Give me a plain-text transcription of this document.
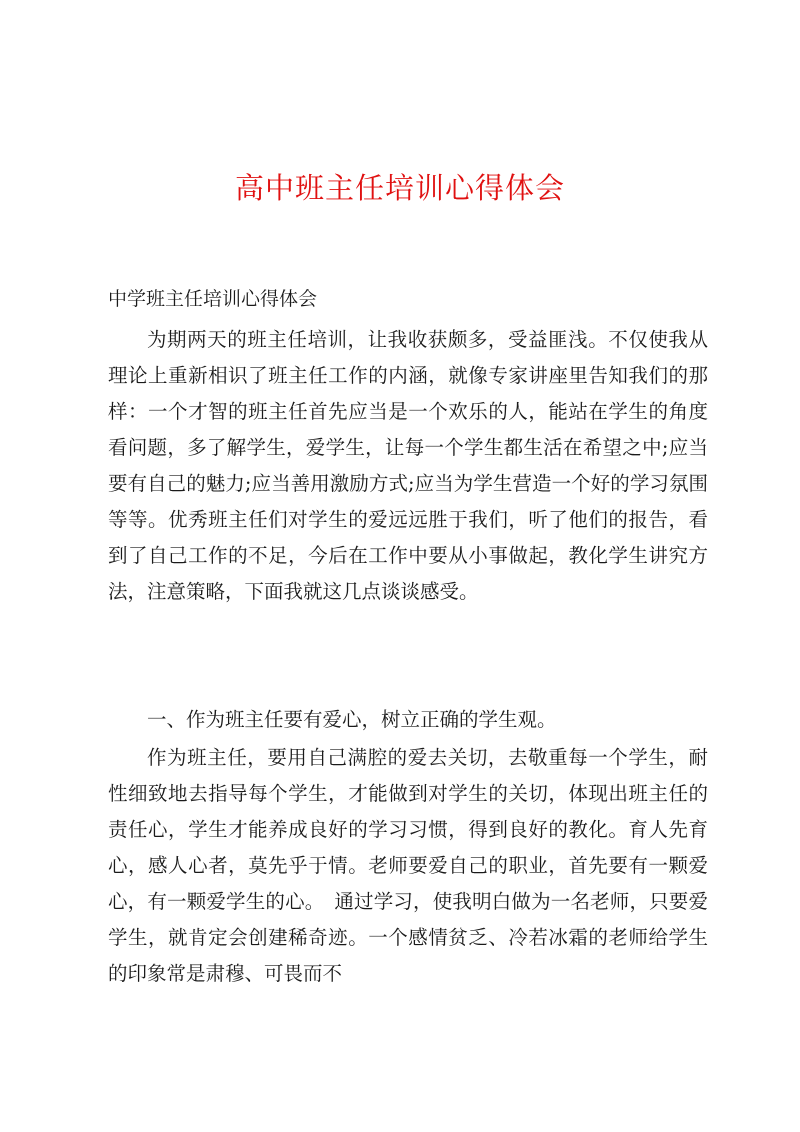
高中班主任培训心得体会
中学班主任培训心得体会

为期两天的班主任培训，让我收获颇多，受益匪浅。不仅使我从理论上重新相识了班主任工作的内涵，就像专家讲座里告知我们的那样：一个才智的班主任首先应当是一个欢乐的人，能站在学生的角度看问题，多了解学生，爱学生，让每一个学生都生活在希望之中;应当要有自己的魅力;应当善用激励方式;应当为学生营造一个好的学习氛围等等。优秀班主任们对学生的爱远远胜于我们，听了他们的报告，看到了自己工作的不足，今后在工作中要从小事做起，教化学生讲究方法，注意策略，下面我就这几点谈谈感受。

一、作为班主任要有爱心，树立正确的学生观。

作为班主任，要用自己满腔的爱去关切，去敬重每一个学生，耐性细致地去指导每个学生，才能做到对学生的关切，体现出班主任的责任心，学生才能养成良好的学习习惯，得到良好的教化。育人先育心，感人心者，莫先乎于情。老师要爱自己的职业，首先要有一颗爱心，有一颗爱学生的心。　通过学习，使我明白做为一名老师，只要爱学生，就肯定会创建稀奇迹。一个感情贫乏、冷若冰霜的老师给学生的印象常是肃穆、可畏而不
